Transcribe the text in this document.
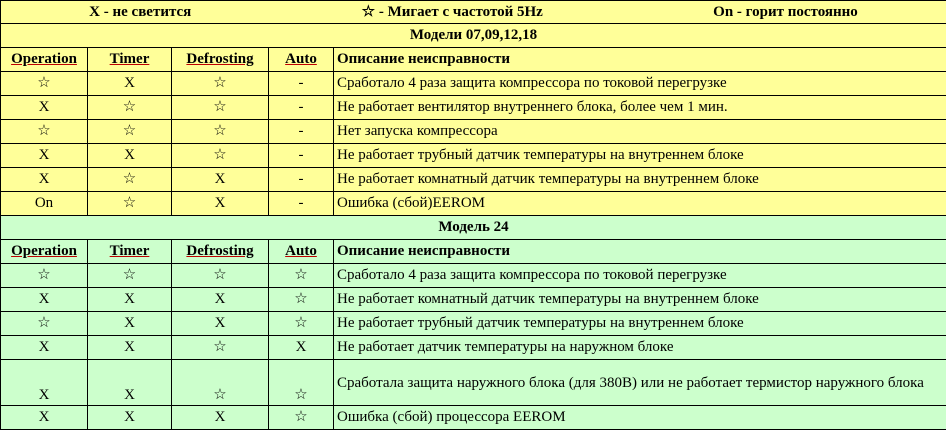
X - не светится ☆ - Мигает с частотой 5Hz On - горит постоянно				

Модели 07,09,12,18				
Operation	Timer	Defrosting	Auto	Описание неисправности
☆	X	☆	-	Сработало 4 раза защита компрессора по токовой перегрузке
X	☆	☆	-	Не работает вентилятор внутреннего блока, более чем 1 мин.
☆	☆	☆	-	Нет запуска компрессора
X	X	☆	-	Не работает трубный датчик температуры на внутреннем блоке
X	☆	X	-	Не работает комнатный датчик температуры на внутреннем блоке
On	☆	X	-	Ошибка (сбой)EEROM
Модель 24				
Operation	Timer	Defrosting	Auto	Описание неисправности
☆	☆	☆	☆	Сработало 4 раза защита компрессора по токовой перегрузке
X	X	X	☆	Не работает комнатный датчик температуры на внутреннем блоке
☆	X	X	☆	Не работает трубный датчик температуры на внутреннем блоке
X	X	☆	X	Не работает датчик температуры на наружном блоке
X	X	☆	☆	Сработала защита наружного блока (для 380В) или не работает термистор наружного блока
X	X	X	☆	Ошибка (сбой) процессора EEROM
